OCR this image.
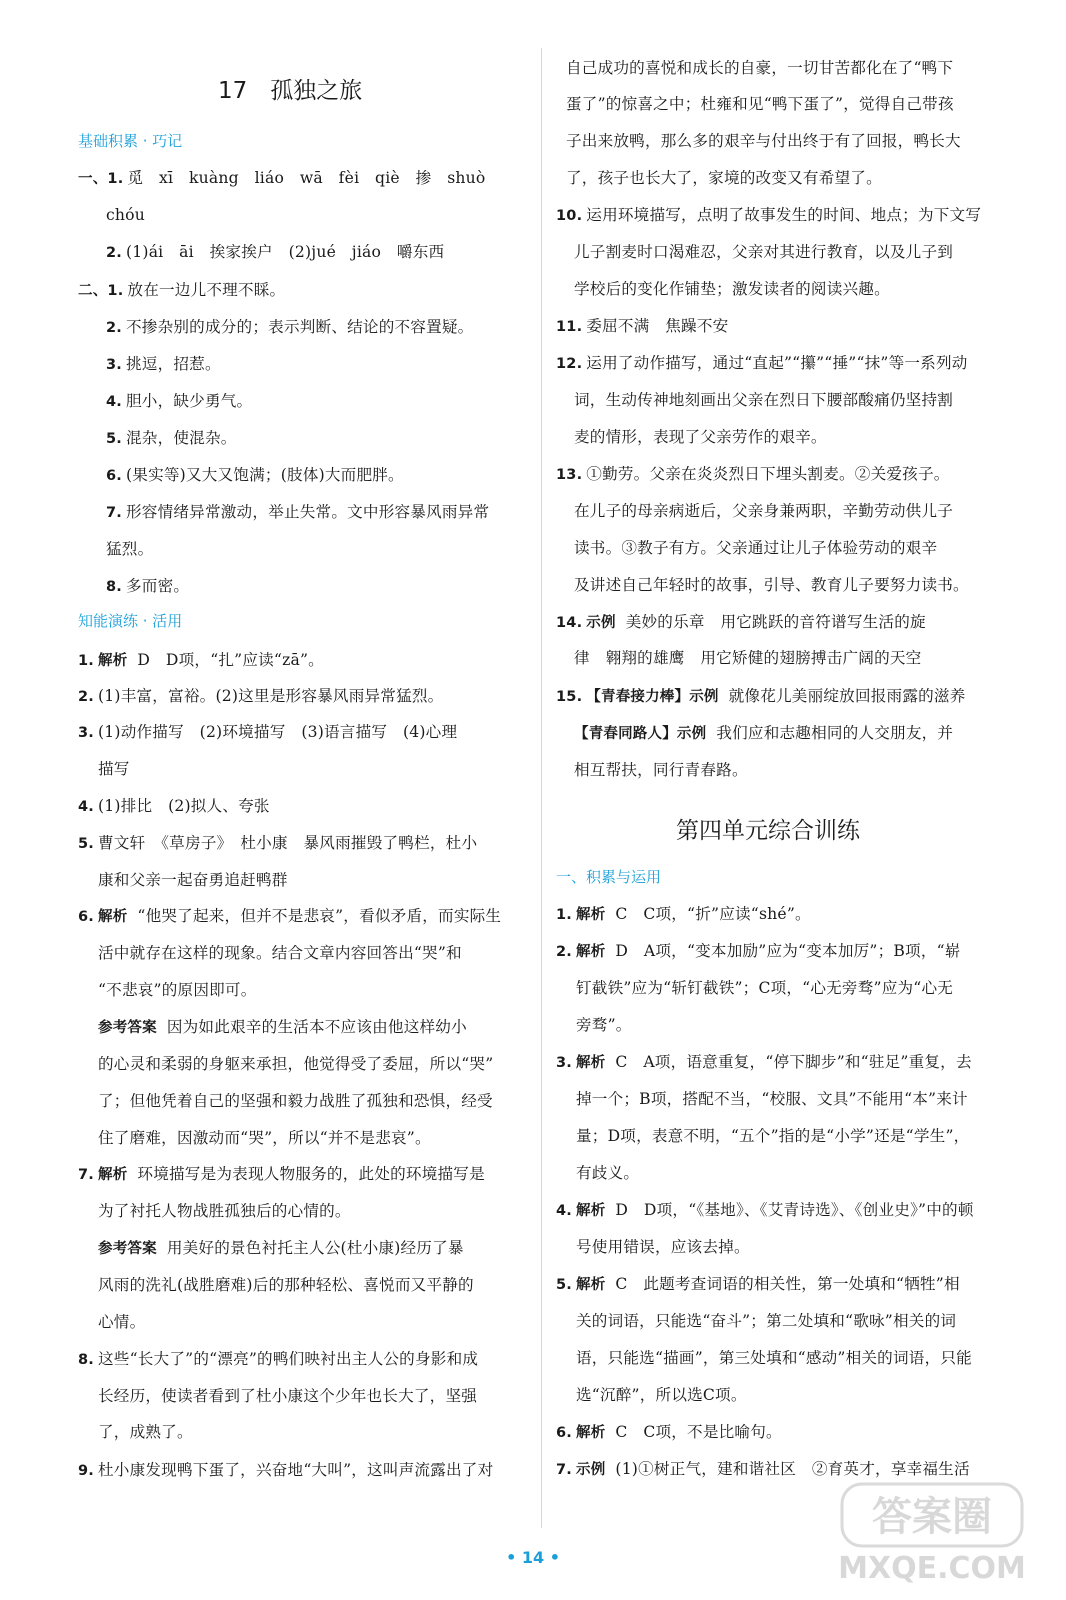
17　孤独之旅
基础积累 · 巧记
知能演练 · 活用
一、1. 觅　xī　kuàng　liáo　wā　fèi　qiè　掺　shuò
chóu
2. (1)ái　āi　挨家挨户　(2)jué　jiáo　嚼东西
二、1. 放在一边儿不理不睬。
2. 不掺杂别的成分的；表示判断、结论的不容置疑。
3. 挑逗，招惹。
4. 胆小，缺少勇气。
5. 混杂，使混杂。
6. (果实等)又大又饱满；(肢体)大而肥胖。
7. 形容情绪异常激动，举止失常。文中形容暴风雨异常
猛烈。
8. 多而密。
1. 解析 D　D项，“扎”应读“zā”。
2. (1)丰富，富裕。(2)这里是形容暴风雨异常猛烈。
3. (1)动作描写　(2)环境描写　(3)语言描写　(4)心理
描写
4. (1)排比　(2)拟人、夸张
5. 曹文轩　《草房子》　杜小康　暴风雨摧毁了鸭栏，杜小
康和父亲一起奋勇追赶鸭群
6. 解析 “他哭了起来，但并不是悲哀”，看似矛盾，而实际生
活中就存在这样的现象。结合文章内容回答出“哭”和
“不悲哀”的原因即可。
参考答案 因为如此艰辛的生活本不应该由他这样幼小
的心灵和柔弱的身躯来承担，他觉得受了委屈，所以“哭”
了；但他凭着自己的坚强和毅力战胜了孤独和恐惧，经受
住了磨难，因激动而“哭”，所以“并不是悲哀”。
7. 解析 环境描写是为表现人物服务的，此处的环境描写是
为了衬托人物战胜孤独后的心情的。
参考答案 用美好的景色衬托主人公(杜小康)经历了暴
风雨的洗礼(战胜磨难)后的那种轻松、喜悦而又平静的
心情。
8. 这些“长大了”的“漂亮”的鸭们映衬出主人公的身影和成
长经历，使读者看到了杜小康这个少年也长大了，坚强
了，成熟了。
9. 杜小康发现鸭下蛋了，兴奋地“大叫”，这叫声流露出了对
第四单元综合训练
一、积累与运用
自己成功的喜悦和成长的自豪，一切甘苦都化在了“鸭下
蛋了”的惊喜之中；杜雍和见“鸭下蛋了”，觉得自己带孩
子出来放鸭，那么多的艰辛与付出终于有了回报，鸭长大
了，孩子也长大了，家境的改变又有希望了。
10. 运用环境描写，点明了故事发生的时间、地点；为下文写
儿子割麦时口渴难忍，父亲对其进行教育，以及儿子到
学校后的变化作铺垫；激发读者的阅读兴趣。
11. 委屈不满　焦躁不安
12. 运用了动作描写，通过“直起”“攥”“捶”“抹”等一系列动
词，生动传神地刻画出父亲在烈日下腰部酸痛仍坚持割
麦的情形，表现了父亲劳作的艰辛。
13. ①勤劳。父亲在炎炎烈日下埋头割麦。②关爱孩子。
在儿子的母亲病逝后，父亲身兼两职，辛勤劳动供儿子
读书。③教子有方。父亲通过让儿子体验劳动的艰辛
及讲述自己年轻时的故事，引导、教育儿子要努力读书。
14. 示例 美妙的乐章　用它跳跃的音符谱写生活的旋
律　翱翔的雄鹰　用它矫健的翅膀搏击广阔的天空
15. 【青春接力棒】示例 就像花儿美丽绽放回报雨露的滋养
【青春同路人】示例 我们应和志趣相同的人交朋友，并
相互帮扶，同行青春路。
1. 解析 C　C项，“折”应读“shé”。
2. 解析 D　A项，“变本加励”应为“变本加厉”；B项，“崭
钉截铁”应为“斩钉截铁”；C项，“心无旁骛”应为“心无
旁骛”。
3. 解析 C　A项，语意重复，“停下脚步”和“驻足”重复，去
掉一个；B项，搭配不当，“校服、文具”不能用“本”来计
量；D项，表意不明，“五个”指的是“小学”还是“学生”，
有歧义。
4. 解析 D　D项，“《基地》、《艾青诗选》、《创业史》”中的顿
号使用错误，应该去掉。
5. 解析 C　此题考查词语的相关性，第一处填和“牺牲”相
关的词语，只能选“奋斗”；第二处填和“歌咏”相关的词
语，只能选“描画”，第三处填和“感动”相关的词语，只能
选“沉醉”，所以选C项。
6. 解析 C　C项，不是比喻句。
7. 示例 (1)①树正气，建和谐社区　②育英才，享幸福生活
• 14 •
答案圈
MXQE.COM
